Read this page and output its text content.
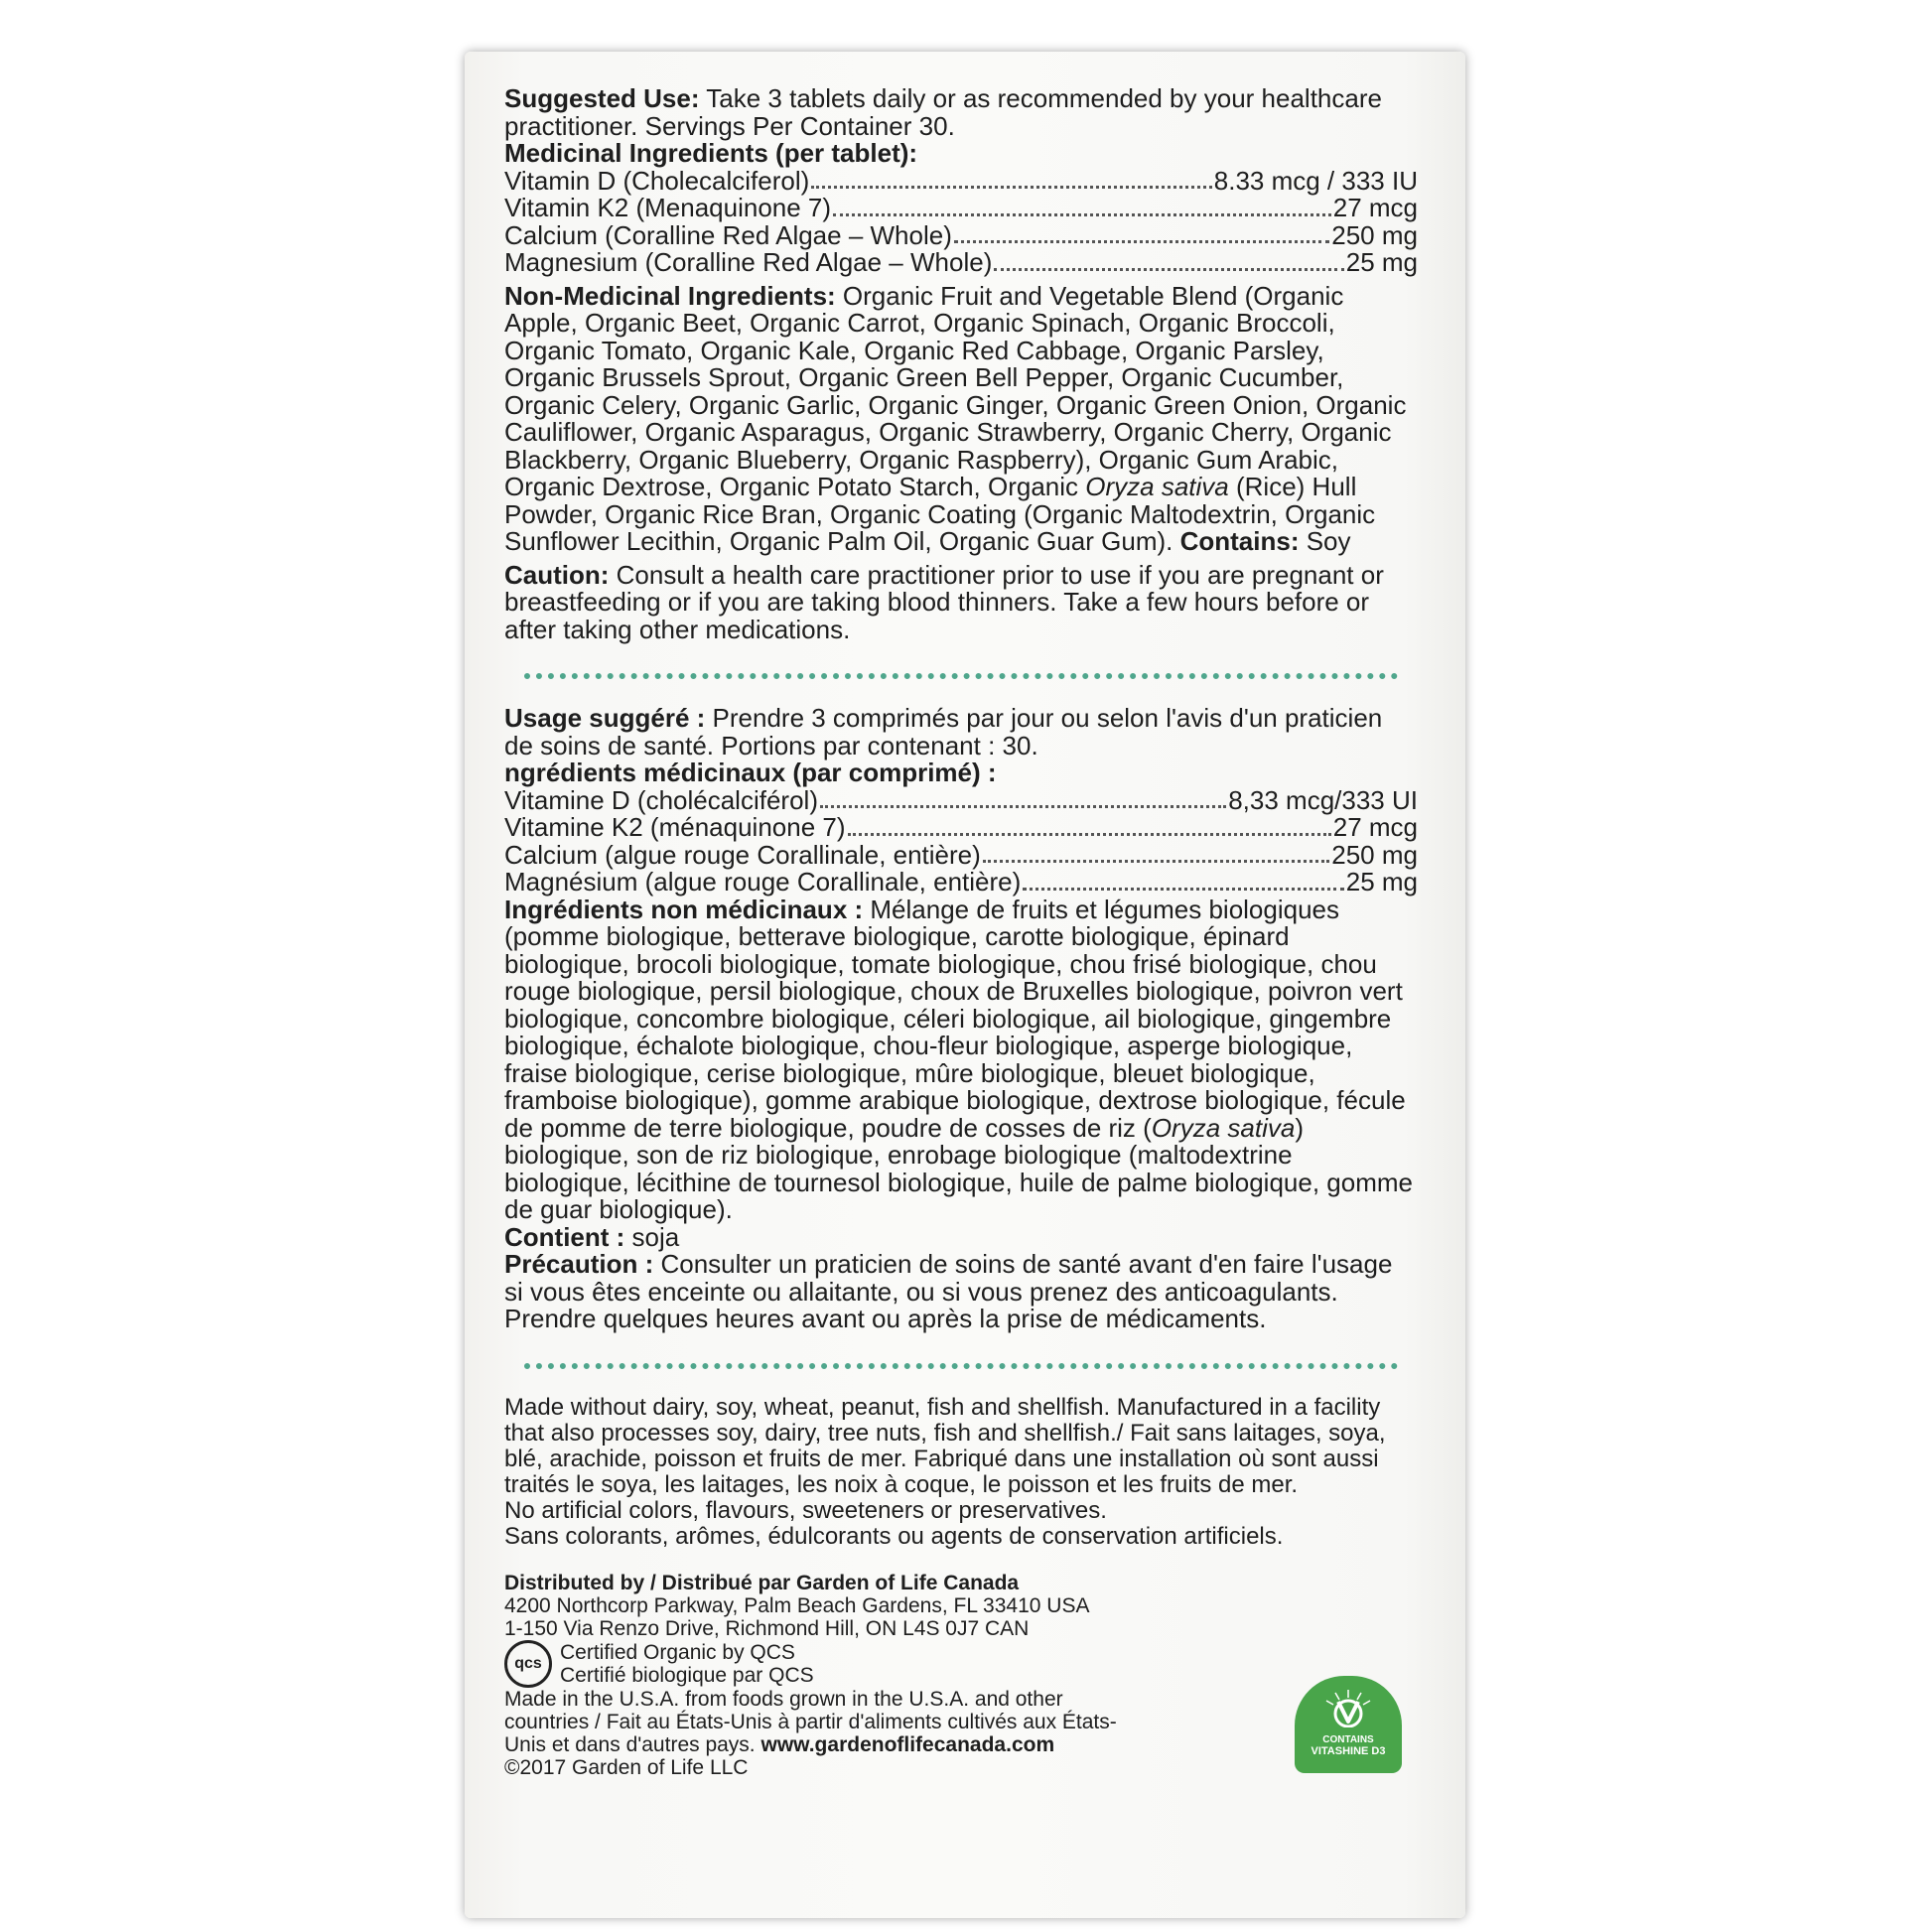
Suggested Use: Take 3 tablets daily or as recommended by your healthcare practitioner. Servings Per Container 30.

Medicinal Ingredients (per tablet):

Vitamin D (Cholecalciferol)	8.33 mcg / 333 IU
Vitamin K2 (Menaquinone 7)	27 mcg
Calcium (Coralline Red Algae – Whole)	250 mg
Magnesium (Coralline Red Algae – Whole)	25 mg

Non-Medicinal Ingredients: Organic Fruit and Vegetable Blend (Organic Apple, Organic Beet, Organic Carrot, Organic Spinach, Organic Broccoli, Organic Tomato, Organic Kale, Organic Red Cabbage, Organic Parsley, Organic Brussels Sprout, Organic Green Bell Pepper, Organic Cucumber, Organic Celery, Organic Garlic, Organic Ginger, Organic Green Onion, Organic Cauliflower, Organic Asparagus, Organic Strawberry, Organic Cherry, Organic Blackberry, Organic Blueberry, Organic Raspberry), Organic Gum Arabic, Organic Dextrose, Organic Potato Starch, Organic Oryza sativa (Rice) Hull Powder, Organic Rice Bran, Organic Coating (Organic Maltodextrin, Organic Sunflower Lecithin, Organic Palm Oil, Organic Guar Gum). Contains: Soy

Caution: Consult a health care practitioner prior to use if you are pregnant or breastfeeding or if you are taking blood thinners. Take a few hours before or after taking other medications.

Usage suggéré : Prendre 3 comprimés par jour ou selon l'avis d'un praticien de soins de santé. Portions par contenant : 30.

ngrédients médicinaux (par comprimé) :

Vitamine D (cholécalciférol)	8,33 mcg/333 UI
Vitamine K2 (ménaquinone 7)	27 mcg
Calcium (algue rouge Corallinale, entière)	250 mg
Magnésium (algue rouge Corallinale, entière)	25 mg

Ingrédients non médicinaux : Mélange de fruits et légumes biologiques (pomme biologique, betterave biologique, carotte biologique, épinard biologique, brocoli biologique, tomate biologique, chou frisé biologique, chou rouge biologique, persil biologique, choux de Bruxelles biologique, poivron vert biologique, concombre biologique, céleri biologique, ail biologique, gingembre biologique, échalote biologique, chou-fleur biologique, asperge biologique, fraise biologique, cerise biologique, mûre biologique, bleuet biologique, framboise biologique), gomme arabique biologique, dextrose biologique, fécule de pomme de terre biologique, poudre de cosses de riz (Oryza sativa) biologique, son de riz biologique, enrobage biologique (maltodextrine biologique, lécithine de tournesol biologique, huile de palme biologique, gomme de guar biologique).

Contient : soja

Précaution : Consulter un praticien de soins de santé avant d'en faire l'usage si vous êtes enceinte ou allaitante, ou si vous prenez des anticoagulants. Prendre quelques heures avant ou après la prise de médicaments.

Made without dairy, soy, wheat, peanut, fish and shellfish. Manufactured in a facility that also processes soy, dairy, tree nuts, fish and shellfish./ Fait sans laitages, soya, blé, arachide, poisson et fruits de mer. Fabriqué dans une installation où sont aussi traités le soya, les laitages, les noix à coque, le poisson et les fruits de mer.

No artificial colors, flavours, sweeteners or preservatives.

Sans colorants, arômes, édulcorants ou agents de conservation artificiels.

Distributed by / Distribué par Garden of Life Canada

4200 Northcorp Parkway, Palm Beach Gardens, FL 33410 USA

1-150 Via Renzo Drive, Richmond Hill, ON L4S 0J7 CAN

qcs Certified Organic by QCS

Certifié biologique par QCS

Made in the U.S.A. from foods grown in the U.S.A. and other countries / Fait au États-Unis à partir d'aliments cultivés aux États-Unis et dans d'autres pays. www.gardenoflifecanada.com

©2017 Garden of Life LLC

CONTAINS
VITASHINE D3
